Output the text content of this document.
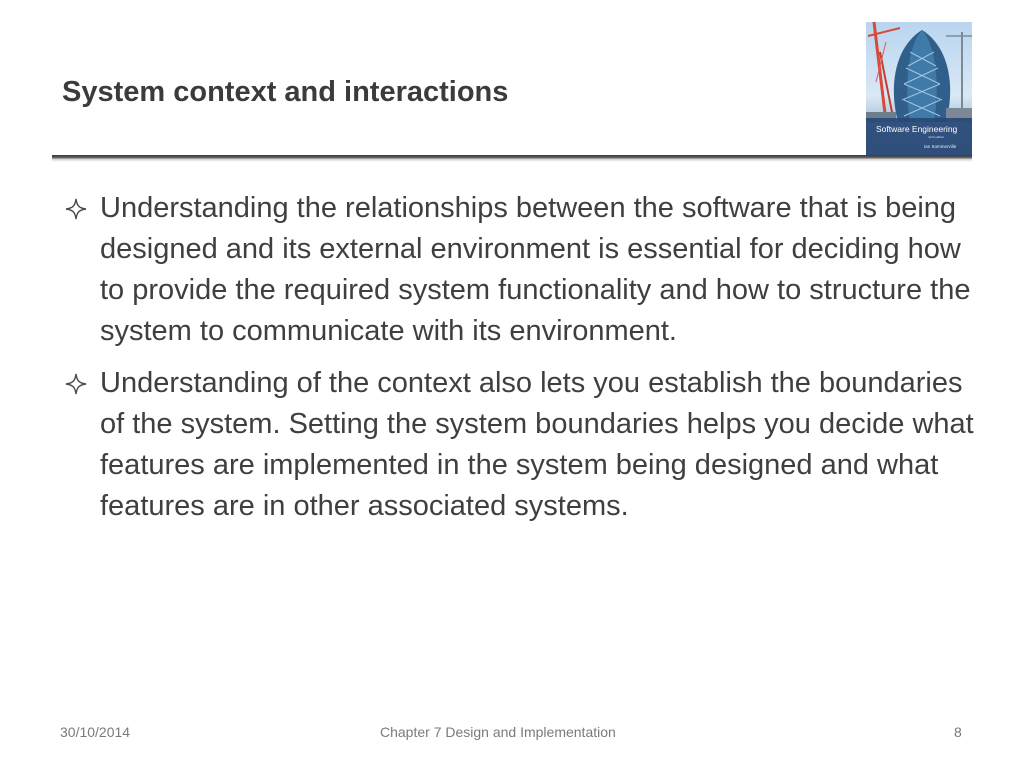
System context and interactions
Software Engineering
ninth edition
Ian Sommerville
Understanding the relationships between the software that is being designed and its external environment is essential for deciding how to provide the required system functionality and how to structure the system to communicate with its environment.
Understanding of the context also lets you establish the boundaries of the system. Setting the system boundaries helps you decide what features are implemented in the system being designed and what features are in other associated systems.
30/10/2014	Chapter 7 Design and Implementation	8
